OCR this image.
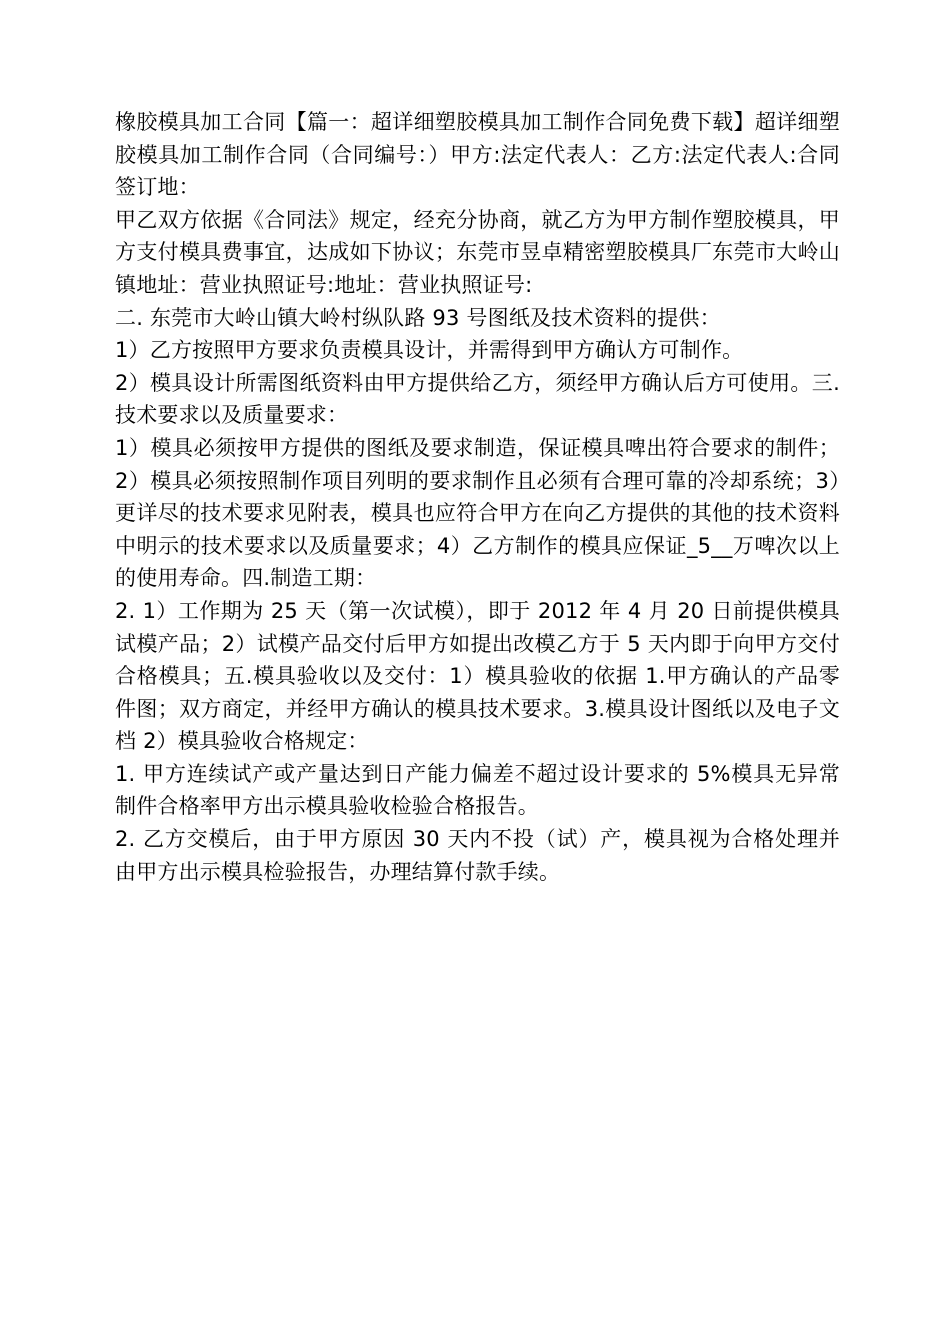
橡胶模具加工合同【篇一：超详细塑胶模具加工制作合同免费下载】超详细塑胶模具加工制作合同（合同编号：）甲方:法定代表人：乙方:法定代表人:合同签订地：

甲乙双方依据《合同法》规定，经充分协商，就乙方为甲方制作塑胶模具，甲方支付模具费事宜，达成如下协议；东莞市昱卓精密塑胶模具厂东莞市大岭山镇地址：营业执照证号:地址：营业执照证号:

二. 东莞市大岭山镇大岭村纵队路 93 号图纸及技术资料的提供：

1）乙方按照甲方要求负责模具设计，并需得到甲方确认方可制作。

2）模具设计所需图纸资料由甲方提供给乙方，须经甲方确认后方可使用。三.技术要求以及质量要求：

1）模具必须按甲方提供的图纸及要求制造，保证模具啤出符合要求的制件；2）模具必须按照制作项目列明的要求制作且必须有合理可靠的冷却系统；3）更详尽的技术要求见附表，模具也应符合甲方在向乙方提供的其他的技术资料中明示的技术要求以及质量要求；4）乙方制作的模具应保证_5__万啤次以上的使用寿命。四.制造工期：

2. 1）工作期为 25 天（第一次试模），即于 2012 年 4 月 20 日前提供模具试模产品；2）试模产品交付后甲方如提出改模乙方于 5 天内即于向甲方交付合格模具；五.模具验收以及交付：1）模具验收的依据 1.甲方确认的产品零件图；双方商定，并经甲方确认的模具技术要求。3.模具设计图纸以及电子文档 2）模具验收合格规定：

1. 甲方连续试产或产量达到日产能力偏差不超过设计要求的 5%模具无异常制件合格率甲方出示模具验收检验合格报告。

2. 乙方交模后，由于甲方原因 30 天内不投（试）产，模具视为合格处理并由甲方出示模具检验报告，办理结算付款手续。
